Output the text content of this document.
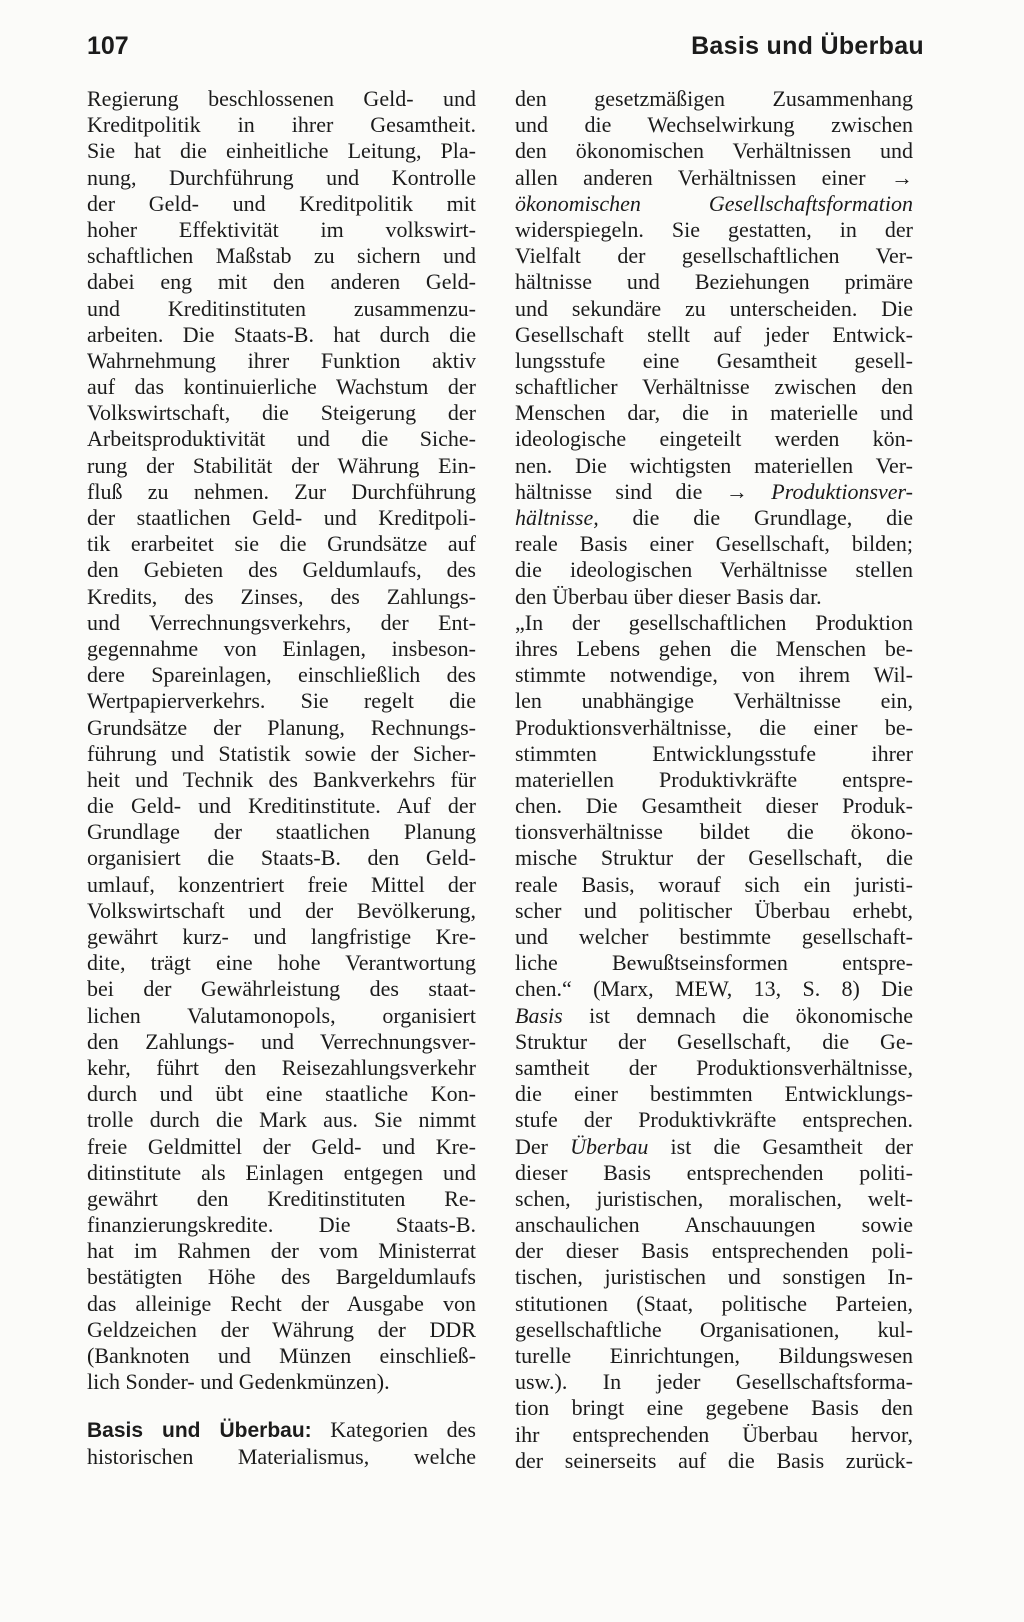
107	Basis und Überbau
Regierung beschlossenen Geld- und
Kreditpolitik in ihrer Gesamtheit.
Sie hat die einheitliche Leitung, Pla-
nung, Durchführung und Kontrolle
der Geld- und Kreditpolitik mit
hoher Effektivität im volkswirt-
schaftlichen Maßstab zu sichern und
dabei eng mit den anderen Geld-
und Kreditinstituten zusammenzu-
arbeiten. Die Staats-B. hat durch die
Wahrnehmung ihrer Funktion aktiv
auf das kontinuierliche Wachstum der
Volkswirtschaft, die Steigerung der
Arbeitsproduktivität und die Siche-
rung der Stabilität der Währung Ein-
fluß zu nehmen. Zur Durchführung
der staatlichen Geld- und Kreditpoli-
tik erarbeitet sie die Grundsätze auf
den Gebieten des Geldumlaufs, des
Kredits, des Zinses, des Zahlungs-
und Verrechnungsverkehrs, der Ent-
gegennahme von Einlagen, insbeson-
dere Spareinlagen, einschließlich des
Wertpapierverkehrs. Sie regelt die
Grundsätze der Planung, Rechnungs-
führung und Statistik sowie der Sicher-
heit und Technik des Bankverkehrs für
die Geld- und Kreditinstitute. Auf der
Grundlage der staatlichen Planung
organisiert die Staats-B. den Geld-
umlauf, konzentriert freie Mittel der
Volkswirtschaft und der Bevölkerung,
gewährt kurz- und langfristige Kre-
dite, trägt eine hohe Verantwortung
bei der Gewährleistung des staat-
lichen Valutamonopols, organisiert
den Zahlungs- und Verrechnungsver-
kehr, führt den Reisezahlungsverkehr
durch und übt eine staatliche Kon-
trolle durch die Mark aus. Sie nimmt
freie Geldmittel der Geld- und Kre-
ditinstitute als Einlagen entgegen und
gewährt den Kreditinstituten Re-
finanzierungskredite. Die Staats-B.
hat im Rahmen der vom Ministerrat
bestätigten Höhe des Bargeldumlaufs
das alleinige Recht der Ausgabe von
Geldzeichen der Währung der DDR
(Banknoten und Münzen einschließ-
lich Sonder- und Gedenkmünzen).
Basis und Überbau: Kategorien des
historischen Materialismus, welche
den gesetzmäßigen Zusammenhang
und die Wechselwirkung zwischen
den ökonomischen Verhältnissen und
allen anderen Verhältnissen einer →
ökonomischen Gesellschaftsformation
widerspiegeln. Sie gestatten, in der
Vielfalt der gesellschaftlichen Ver-
hältnisse und Beziehungen primäre
und sekundäre zu unterscheiden. Die
Gesellschaft stellt auf jeder Entwick-
lungsstufe eine Gesamtheit gesell-
schaftlicher Verhältnisse zwischen den
Menschen dar, die in materielle und
ideologische eingeteilt werden kön-
nen. Die wichtigsten materiellen Ver-
hältnisse sind die → Produktionsver-
hältnisse, die die Grundlage, die
reale Basis einer Gesellschaft, bilden;
die ideologischen Verhältnisse stellen
den Überbau über dieser Basis dar.
„In der gesellschaftlichen Produktion
ihres Lebens gehen die Menschen be-
stimmte notwendige, von ihrem Wil-
len unabhängige Verhältnisse ein,
Produktionsverhältnisse, die einer be-
stimmten Entwicklungsstufe ihrer
materiellen Produktivkräfte entspre-
chen. Die Gesamtheit dieser Produk-
tionsverhältnisse bildet die ökono-
mische Struktur der Gesellschaft, die
reale Basis, worauf sich ein juristi-
scher und politischer Überbau erhebt,
und welcher bestimmte gesellschaft-
liche Bewußtseinsformen entspre-
chen.“ (Marx, MEW, 13, S. 8) Die
Basis ist demnach die ökonomische
Struktur der Gesellschaft, die Ge-
samtheit der Produktionsverhältnisse,
die einer bestimmten Entwicklungs-
stufe der Produktivkräfte entsprechen.
Der Überbau ist die Gesamtheit der
dieser Basis entsprechenden politi-
schen, juristischen, moralischen, welt-
anschaulichen Anschauungen sowie
der dieser Basis entsprechenden poli-
tischen, juristischen und sonstigen In-
stitutionen (Staat, politische Parteien,
gesellschaftliche Organisationen, kul-
turelle Einrichtungen, Bildungswesen
usw.). In jeder Gesellschaftsforma-
tion bringt eine gegebene Basis den
ihr entsprechenden Überbau hervor,
der seinerseits auf die Basis zurück-
